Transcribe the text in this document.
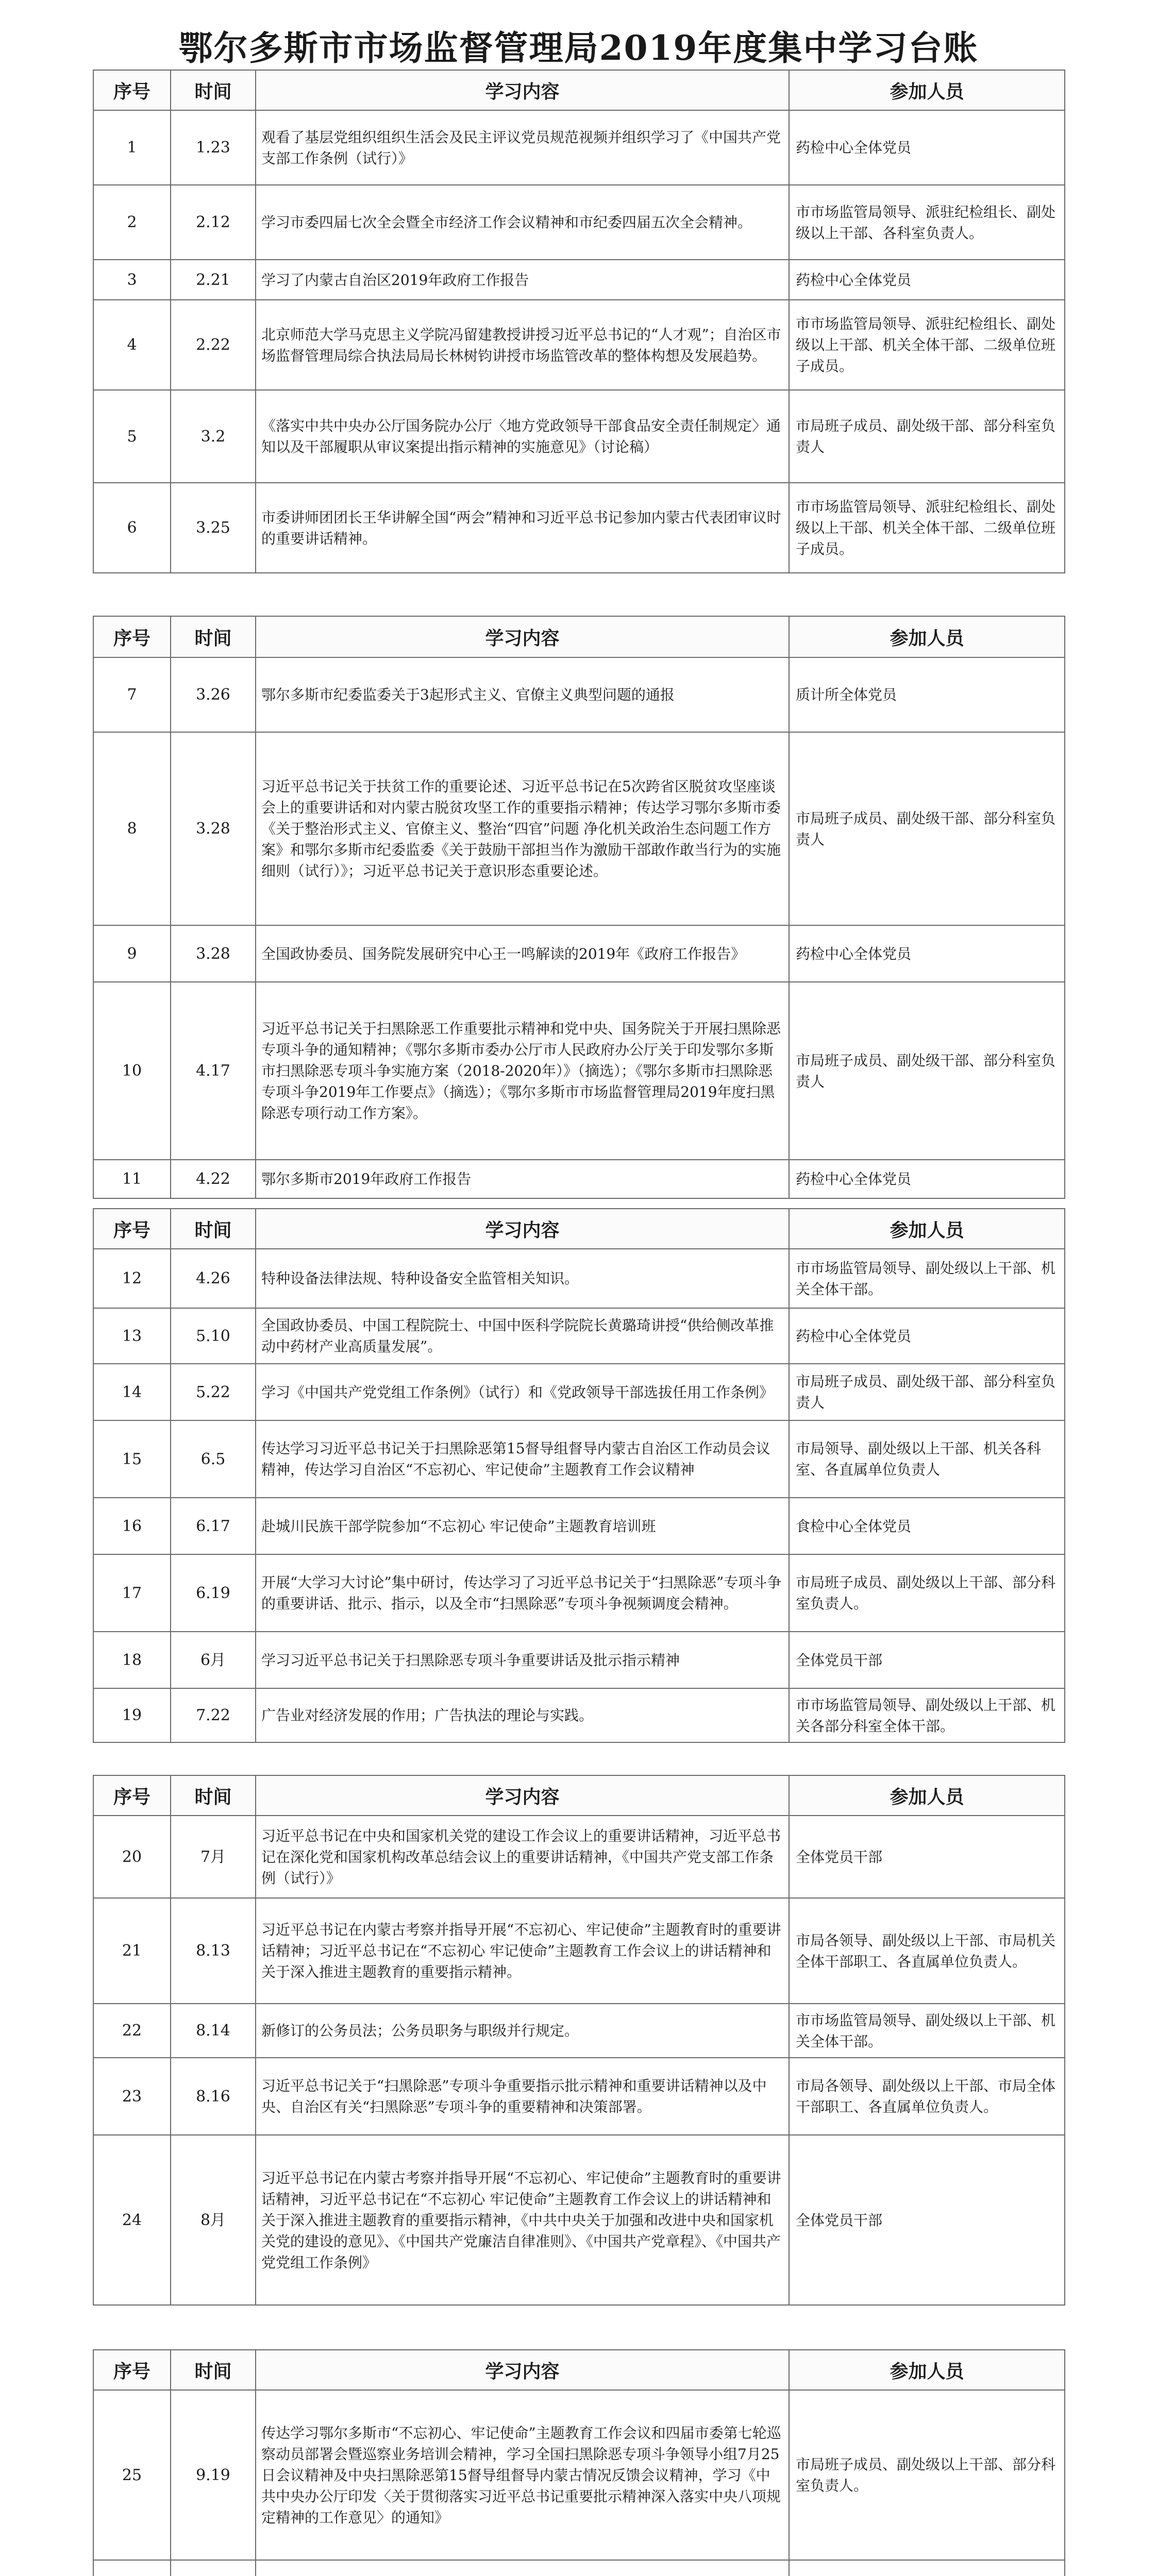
鄂尔多斯市市场监督管理局2019年度集中学习台账
序号	时间	学习内容	参加人员
1	1.23	观看了基层党组织组织生活会及民主评议党员规范视频并组织学习了《中国共产党支部工作条例（试行）》	药检中心全体党员
2	2.12	学习市委四届七次全会暨全市经济工作会议精神和市纪委四届五次全会精神。	市市场监管局领导、派驻纪检组长、副处级以上干部、各科室负责人。
3	2.21	学习了内蒙古自治区2019年政府工作报告	药检中心全体党员
4	2.22	北京师范大学马克思主义学院冯留建教授讲授习近平总书记的“人才观”；自治区市场监督管理局综合执法局局长林树钧讲授市场监管改革的整体构想及发展趋势。	市市场监管局领导、派驻纪检组长、副处级以上干部、机关全体干部、二级单位班子成员。
5	3.2	《落实中共中央办公厅国务院办公厅〈地方党政领导干部食品安全责任制规定〉通知以及干部履职从审议案提出指示精神的实施意见》（讨论稿）	市局班子成员、副处级干部、部分科室负责人
6	3.25	市委讲师团团长王华讲解全国“两会”精神和习近平总书记参加内蒙古代表团审议时的重要讲话精神。	市市场监管局领导、派驻纪检组长、副处级以上干部、机关全体干部、二级单位班子成员。
序号	时间	学习内容	参加人员
7	3.26	鄂尔多斯市纪委监委关于3起形式主义、官僚主义典型问题的通报	质计所全体党员
8	3.28	习近平总书记关于扶贫工作的重要论述、习近平总书记在5次跨省区脱贫攻坚座谈会上的重要讲话和对内蒙古脱贫攻坚工作的重要指示精神；传达学习鄂尔多斯市委《关于整治形式主义、官僚主义、整治“四官”问题 净化机关政治生态问题工作方案》和鄂尔多斯市纪委监委《关于鼓励干部担当作为激励干部敢作敢当行为的实施细则（试行）》；习近平总书记关于意识形态重要论述。	市局班子成员、副处级干部、部分科室负责人
9	3.28	全国政协委员、国务院发展研究中心王一鸣解读的2019年《政府工作报告》	药检中心全体党员
10	4.17	习近平总书记关于扫黑除恶工作重要批示精神和党中央、国务院关于开展扫黑除恶专项斗争的通知精神；《鄂尔多斯市委办公厅市人民政府办公厅关于印发鄂尔多斯市扫黑除恶专项斗争实施方案（2018-2020年）》（摘选）；《鄂尔多斯市扫黑除恶专项斗争2019年工作要点》（摘选）；《鄂尔多斯市市场监督管理局2019年度扫黑除恶专项行动工作方案》。	市局班子成员、副处级干部、部分科室负责人
11	4.22	鄂尔多斯市2019年政府工作报告	药检中心全体党员
序号	时间	学习内容	参加人员
12	4.26	特种设备法律法规、特种设备安全监管相关知识。	市市场监管局领导、副处级以上干部、机关全体干部。
13	5.10	全国政协委员、中国工程院院士、中国中医科学院院长黄璐琦讲授“供给侧改革推动中药材产业高质量发展”。	药检中心全体党员
14	5.22	学习《中国共产党党组工作条例》（试行）和《党政领导干部选拔任用工作条例》	市局班子成员、副处级干部、部分科室负责人
15	6.5	传达学习习近平总书记关于扫黑除恶第15督导组督导内蒙古自治区工作动员会议精神，传达学习自治区“不忘初心、牢记使命”主题教育工作会议精神	市局领导、副处级以上干部、机关各科室、各直属单位负责人
16	6.17	赴城川民族干部学院参加“不忘初心 牢记使命”主题教育培训班	食检中心全体党员
17	6.19	开展“大学习大讨论”集中研讨，传达学习了习近平总书记关于“扫黑除恶”专项斗争的重要讲话、批示、指示，以及全市“扫黑除恶”专项斗争视频调度会精神。	市局班子成员、副处级以上干部、部分科室负责人。
18	6月	学习习近平总书记关于扫黑除恶专项斗争重要讲话及批示指示精神	全体党员干部
19	7.22	广告业对经济发展的作用；广告执法的理论与实践。	市市场监管局领导、副处级以上干部、机关各部分科室全体干部。
序号	时间	学习内容	参加人员
20	7月	习近平总书记在中央和国家机关党的建设工作会议上的重要讲话精神，习近平总书记在深化党和国家机构改革总结会议上的重要讲话精神，《中国共产党支部工作条例（试行）》	全体党员干部
21	8.13	习近平总书记在内蒙古考察并指导开展“不忘初心、牢记使命”主题教育时的重要讲话精神；习近平总书记在“不忘初心 牢记使命”主题教育工作会议上的讲话精神和关于深入推进主题教育的重要指示精神。	市局各领导、副处级以上干部、市局机关全体干部职工、各直属单位负责人。
22	8.14	新修订的公务员法；公务员职务与职级并行规定。	市市场监管局领导、副处级以上干部、机关全体干部。
23	8.16	习近平总书记关于“扫黑除恶”专项斗争重要指示批示精神和重要讲话精神以及中央、自治区有关“扫黑除恶”专项斗争的重要精神和决策部署。	市局各领导、副处级以上干部、市局全体干部职工、各直属单位负责人。
24	8月	习近平总书记在内蒙古考察并指导开展“不忘初心、牢记使命”主题教育时的重要讲话精神，习近平总书记在“不忘初心 牢记使命”主题教育工作会议上的讲话精神和关于深入推进主题教育的重要指示精神，《中共中央关于加强和改进中央和国家机关党的建设的意见》、《中国共产党廉洁自律准则》、《中国共产党章程》、《中国共产党党组工作条例》	全体党员干部
序号	时间	学习内容	参加人员
25	9.19	传达学习鄂尔多斯市“不忘初心、牢记使命”主题教育工作会议和四届市委第七轮巡察动员部署会暨巡察业务培训会精神，学习全国扫黑除恶专项斗争领导小组7月25日会议精神及中央扫黑除恶第15督导组督导内蒙古情况反馈会议精神，学习《中共中央办公厅印发〈关于贯彻落实习近平总书记重要批示精神深入落实中央八项规定精神的工作意见〉的通知》	市局班子成员、副处级以上干部、部分科室负责人。
